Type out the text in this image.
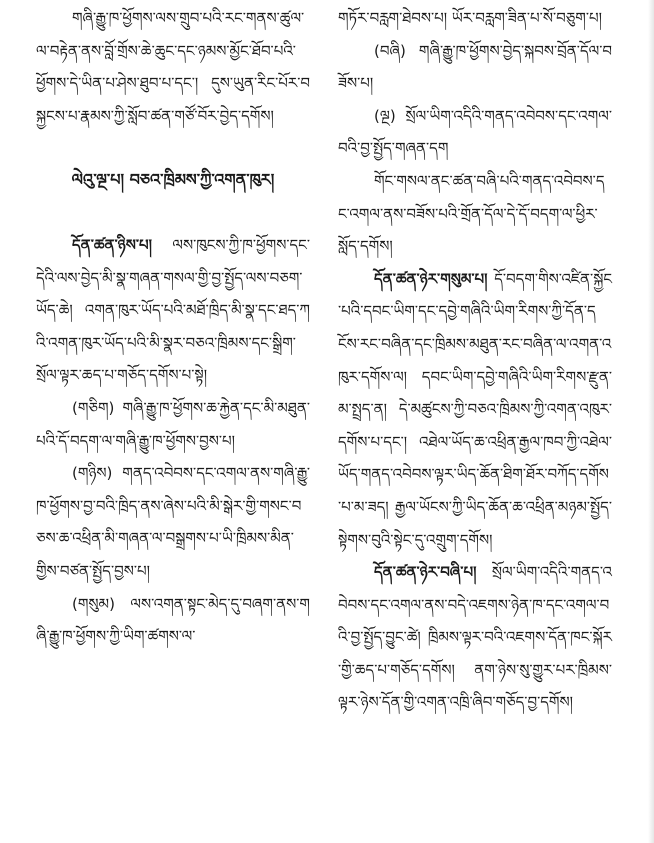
གཞི་རྒྱུ་ཁ་ཕྱོགས་ལས་གྲུབ་པའི་རང་གནས་ཚུལ་ལ་བརྟེན་ནས་བློ་གྲོས་ཆེ་ཆུང་དང་ཉམས་མྱོང་ཐོབ་པའི་ཕྱོགས་དེ་ཡིན་པ་ཤེས་ཐུབ་པ་དང་། དུས་ཡུན་རིང་པོར་བསྐྱངས་པ་རྣམས་ཀྱི་སློབ་ཚན་གཙོ་བོར་བྱེད་དགོས།

ལེའུ་ལྔ་པ། བཅའ་ཁྲིམས་ཀྱི་འགན་ཁུར།

དོན་ཚན་ཉིས་པ། ལས་ཁུངས་ཀྱི་ཁ་ཕྱོགས་དང་དེའི་ལས་བྱེད་མི་སྣ་གཞན་གསལ་གྱི་བྱ་སྤྱོད་ལས་བཅག་ཡོད་ཆེ། འགན་ཁུར་ཡོད་པའི་མཐོ་ཁྲིད་མི་སྣ་དང་ཐད་ཀའི་འགན་ཁུར་ཡོད་པའི་མི་སྣར་བཅའ་ཁྲིམས་དང་སྒྲིག་སྲོལ་ལྟར་ཆད་པ་གཅོད་དགོས་པ་སྟེ།

(གཅིག) གཞི་རྒྱུ་ཁ་ཕྱོགས་ཆ་རྐྱེན་དང་མི་མཐུན་པའི་དོ་བདག་ལ་གཞི་རྒྱུ་ཁ་ཕྱོགས་བྱས་པ།

(གཉིས) གནད་འབེབས་དང་འགལ་ནས་གཞི་རྒྱུ་ཁ་ཕྱོགས་བྱ་བའི་ཁྲིད་ནས་ཞེས་པའི་མི་སྒེར་གྱི་གསང་བཅས་ཆ་འཕྲིན་མི་གཞན་ལ་བསྒྲགས་པ་ཡི་ཁྲིམས་མིན་གྱིས་བཙན་སྤྱོད་བྱས་པ།

(གསུམ) ལས་འགན་སྟང་མེད་དུ་བཞག་ནས་གཞི་རྒྱུ་ཁ་ཕྱོགས་ཀྱི་ཡིག་ཚགས་ལ་

གཏོར་བརླག་ཐེབས་པ། ཡོར་བརླག་ཟིན་པ་སོ་བཅུག་པ།

(བཞི) གཞི་རྒྱུ་ཁ་ཕྱོགས་བྱེད་སྐབས་བྲོན་དོལ་བཟོས་པ།

(ལྔ) སྲོལ་ཡིག་འདིའི་གནད་འབེབས་དང་འགལ་བའི་བྱ་སྤྱོད་གཞན་དག

གོང་གསལ་ནང་ཚན་བཞི་པའི་གནད་འབེབས་དང་འགལ་ནས་བཟོས་པའི་གྲོན་དོལ་དེ་དོ་བདག་ལ་ཕྱིར་སློད་དགོས།

དོན་ཚན་ཉེར་གསུམ་པ། དོ་བདག་གིས་འཛིན་སྐྱོང་པའི་དབང་ཡིག་དང་དབྱེ་གཞིའི་ཡིག་རིགས་ཀྱི་དོན་དངོས་རང་བཞིན་དང་ཁྲིམས་མཐུན་རང་བཞིན་ལ་འགན་འཁུར་དགོས་ལ། དབང་ཡིག་དབྱེ་གཞིའི་ཡིག་རིགས་རྫུན་མ་སྤྲད་ན། དེ་མཚུངས་ཀྱི་བཅའ་ཁྲིམས་ཀྱི་འགན་འཁུར་དགོས་པ་དང་། འཐེལ་ཡོད་ཆ་འཕྲིན་རྒྱལ་ཁབ་ཀྱི་འཐེལ་ཡོད་གནད་འབེབས་ལྟར་ཡིད་ཆོན་ཐིག་ཐོར་བཀོད་དགོས་པ་མ་ཟད། རྒྱལ་ཡོངས་ཀྱི་ཡིད་ཆོན་ཆ་འཕྲིན་མཉམ་སྤྱོད་སྟེགས་བུའི་སྟེང་དུ་འགྲུག་དགོས།

དོན་ཚན་ཉེར་བཞི་པ། སྲོལ་ཡིག་འདིའི་གནད་འབེབས་དང་འགལ་ནས་བདེ་འཇགས་ཉེན་ཁ་དང་འགལ་བའི་བྱ་སྤྱོད་བྱུང་ཚེ། ཁྲིམས་ལྟར་བའི་འཇགས་དོན་ཁང་སྐོར་གྱི་ཆད་པ་གཅོད་དགོས། ནག་ཉེས་སུ་གྱུར་པར་ཁྲིམས་ལྟར་ཉེས་དོན་གྱི་འགན་འཁྲི་ཞིབ་གཅོད་བྱ་དགོས།
